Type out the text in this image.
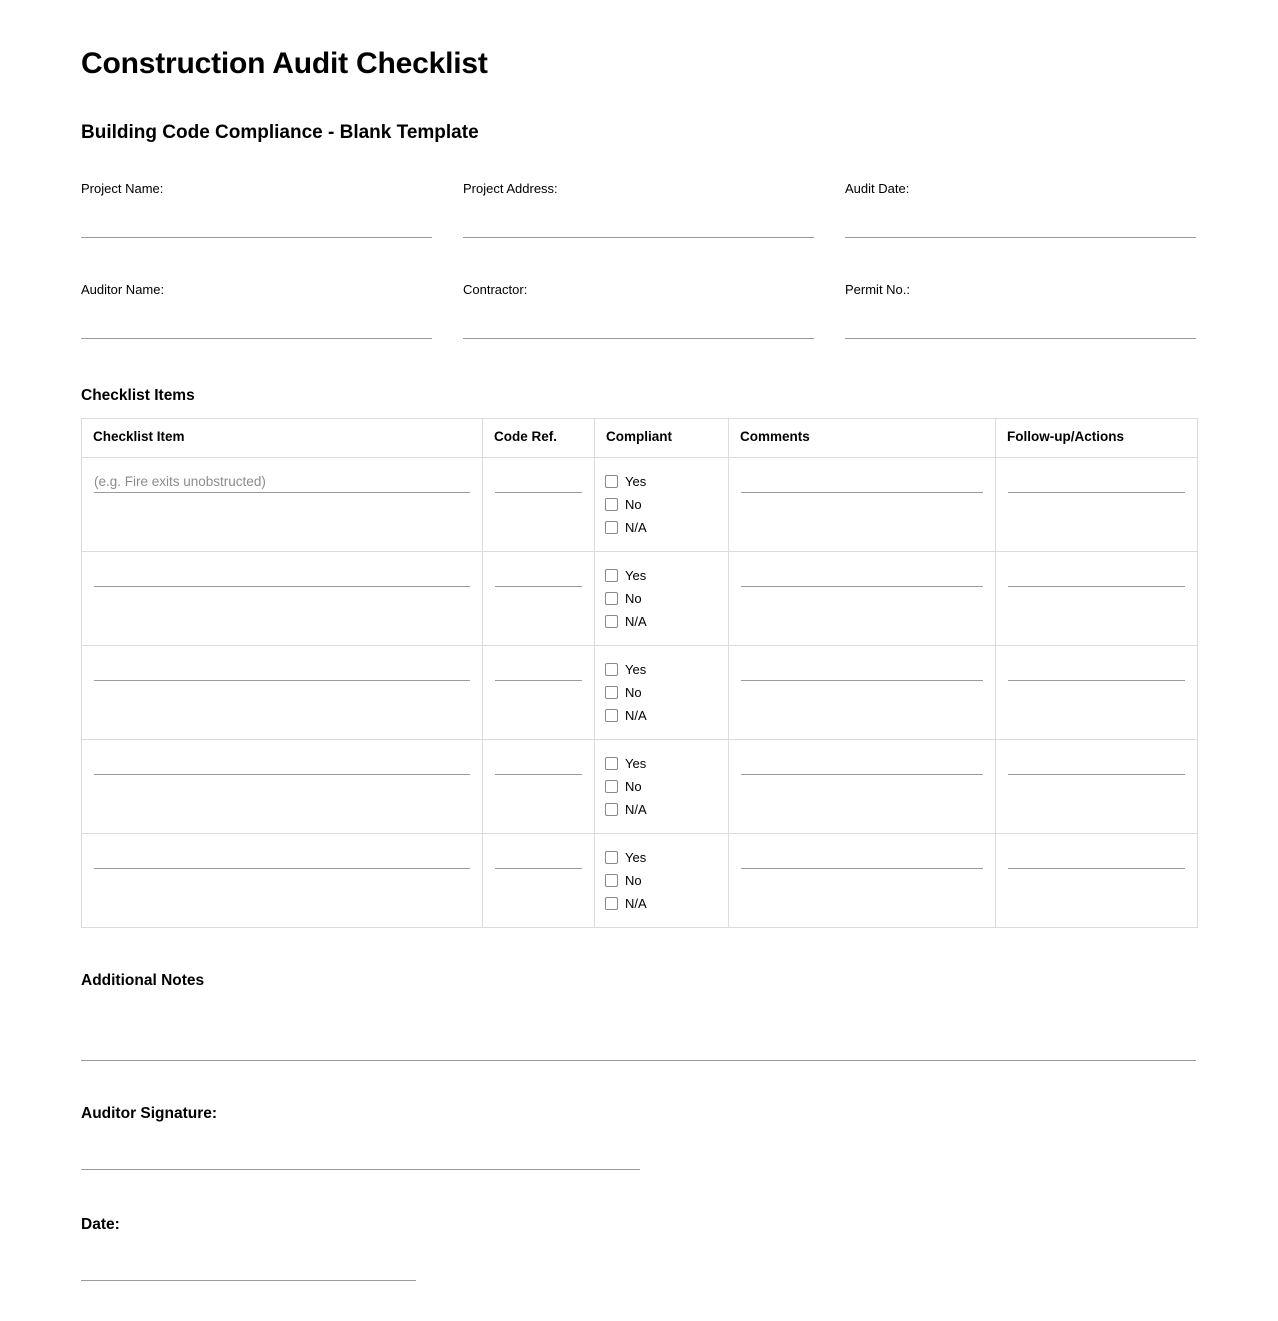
Construction Audit Checklist
Building Code Compliance - Blank Template
Project Name:	Project Address:	Audit Date:
Auditor Name:	Contractor:	Permit No.:
Checklist Items
Checklist Item	Code Ref.	Compliant	Comments	Follow-up/Actions

(e.g. Fire exits unobstructed)		Yes
No
N/A		

		Yes
No
N/A		

		Yes
No
N/A		

		Yes
No
N/A		

		Yes
No
N/A		

Additional Notes
Auditor Signature:
Date:
